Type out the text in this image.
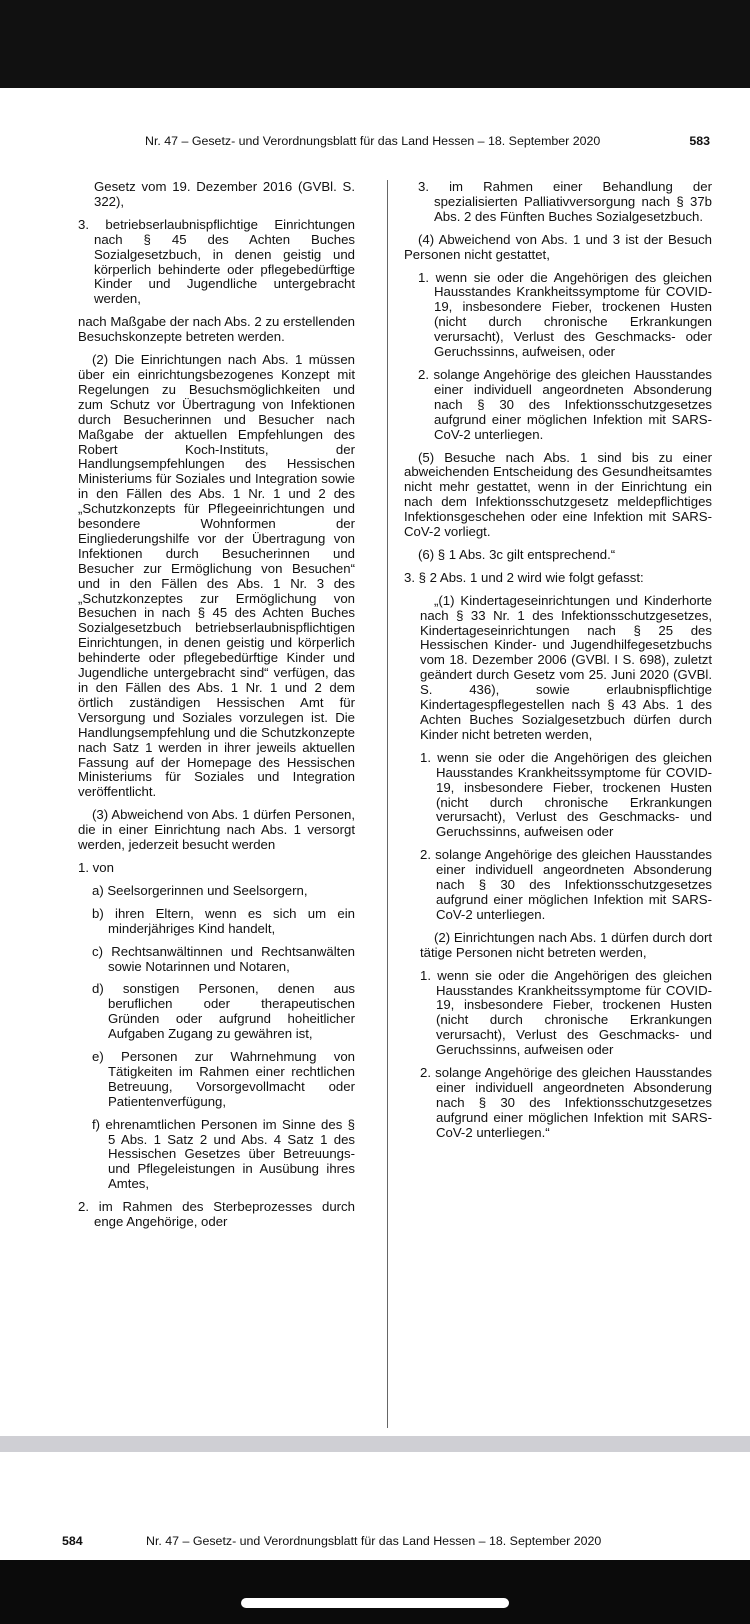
Nr. 47 – Gesetz- und Verordnungsblatt für das Land Hessen – 18. September 2020	583

Gesetz vom 19. Dezember 2016 (GVBl. S. 322),

3. betriebserlaubnispflichtige Einrichtungen nach § 45 des Achten Buches Sozialgesetzbuch, in denen geistig und körperlich behinderte oder pflegebedürftige Kinder und Jugendliche untergebracht werden,

nach Maßgabe der nach Abs. 2 zu erstellenden Besuchskonzepte betreten werden.

(2) Die Einrichtungen nach Abs. 1 müssen über ein einrichtungsbezogenes Konzept mit Regelungen zu Besuchsmöglichkeiten und zum Schutz vor Übertragung von Infektionen durch Besucherinnen und Besucher nach Maßgabe der aktuellen Empfehlungen des Robert Koch-Instituts, der Handlungsempfehlungen des Hessischen Ministeriums für Soziales und Integration sowie in den Fällen des Abs. 1 Nr. 1 und 2 des „Schutzkonzepts für Pflegeeinrichtungen und besondere Wohnformen der Eingliederungshilfe vor der Übertragung von Infektionen durch Besucherinnen und Besucher zur Ermöglichung von Besuchen“ und in den Fällen des Abs. 1 Nr. 3 des „Schutzkonzeptes zur Ermöglichung von Besuchen in nach § 45 des Achten Buches Sozialgesetzbuch betriebserlaubnispflichtigen Einrichtungen, in denen geistig und körperlich behinderte oder pflegebedürftige Kinder und Jugendliche untergebracht sind“ verfügen, das in den Fällen des Abs. 1 Nr. 1 und 2 dem örtlich zuständigen Hessischen Amt für Versorgung und Soziales vorzulegen ist. Die Handlungsempfehlung und die Schutzkonzepte nach Satz 1 werden in ihrer jeweils aktuellen Fassung auf der Homepage des Hessischen Ministeriums für Soziales und Integration veröffentlicht.

(3) Abweichend von Abs. 1 dürfen Personen, die in einer Einrichtung nach Abs. 1 versorgt werden, jederzeit besucht werden

1. von

a) Seelsorgerinnen und Seelsorgern,

b) ihren Eltern, wenn es sich um ein minderjähriges Kind handelt,

c) Rechtsanwältinnen und Rechtsanwälten sowie Notarinnen und Notaren,

d) sonstigen Personen, denen aus beruflichen oder therapeutischen Gründen oder aufgrund hoheitlicher Aufgaben Zugang zu gewähren ist,

e) Personen zur Wahrnehmung von Tätigkeiten im Rahmen einer rechtlichen Betreuung, Vorsorgevollmacht oder Patientenverfügung,

f) ehrenamtlichen Personen im Sinne des § 5 Abs. 1 Satz 2 und Abs. 4 Satz 1 des Hessischen Gesetzes über Betreuungs- und Pflegeleistungen in Ausübung ihres Amtes,

2. im Rahmen des Sterbeprozesses durch enge Angehörige, oder

3. im Rahmen einer Behandlung der spezialisierten Palliativversorgung nach § 37b Abs. 2 des Fünften Buches Sozialgesetzbuch.

(4) Abweichend von Abs. 1 und 3 ist der Besuch Personen nicht gestattet,

1. wenn sie oder die Angehörigen des gleichen Hausstandes Krankheitssymptome für COVID-19, insbesondere Fieber, trockenen Husten (nicht durch chronische Erkrankungen verursacht), Verlust des Geschmacks- oder Geruchssinns, aufweisen, oder

2. solange Angehörige des gleichen Hausstandes einer individuell angeordneten Absonderung nach § 30 des Infektionsschutzgesetzes aufgrund einer möglichen Infektion mit SARS-CoV-2 unterliegen.

(5) Besuche nach Abs. 1 sind bis zu einer abweichenden Entscheidung des Gesundheitsamtes nicht mehr gestattet, wenn in der Einrichtung ein nach dem Infektionsschutzgesetz meldepflichtiges Infektionsgeschehen oder eine Infektion mit SARS-CoV-2 vorliegt.

(6) § 1 Abs. 3c gilt entsprechend.“

3. § 2 Abs. 1 und 2 wird wie folgt gefasst:

„(1) Kindertageseinrichtungen und Kinderhorte nach § 33 Nr. 1 des Infektionsschutzgesetzes, Kindertageseinrichtungen nach § 25 des Hessischen Kinder- und Jugendhilfegesetzbuchs vom 18. Dezember 2006 (GVBl. I S. 698), zuletzt geändert durch Gesetz vom 25. Juni 2020 (GVBl. S. 436), sowie erlaubnispflichtige Kindertagespflegestellen nach § 43 Abs. 1 des Achten Buches Sozialgesetzbuch dürfen durch Kinder nicht betreten werden,

1. wenn sie oder die Angehörigen des gleichen Hausstandes Krankheitssymptome für COVID-19, insbesondere Fieber, trockenen Husten (nicht durch chronische Erkrankungen verursacht), Verlust des Geschmacks- und Geruchssinns, aufweisen oder

2. solange Angehörige des gleichen Hausstandes einer individuell angeordneten Absonderung nach § 30 des Infektionsschutzgesetzes aufgrund einer möglichen Infektion mit SARS-CoV-2 unterliegen.

(2) Einrichtungen nach Abs. 1 dürfen durch dort tätige Personen nicht betreten werden,

1. wenn sie oder die Angehörigen des gleichen Hausstandes Krankheitssymptome für COVID-19, insbesondere Fieber, trockenen Husten (nicht durch chronische Erkrankungen verursacht), Verlust des Geschmacks- und Geruchssinns, aufweisen oder

2. solange Angehörige des gleichen Hausstandes einer individuell angeordneten Absonderung nach § 30 des Infektionsschutzgesetzes aufgrund einer möglichen Infektion mit SARS-CoV-2 unterliegen.“

584	Nr. 47 – Gesetz- und Verordnungsblatt für das Land Hessen – 18. September 2020
